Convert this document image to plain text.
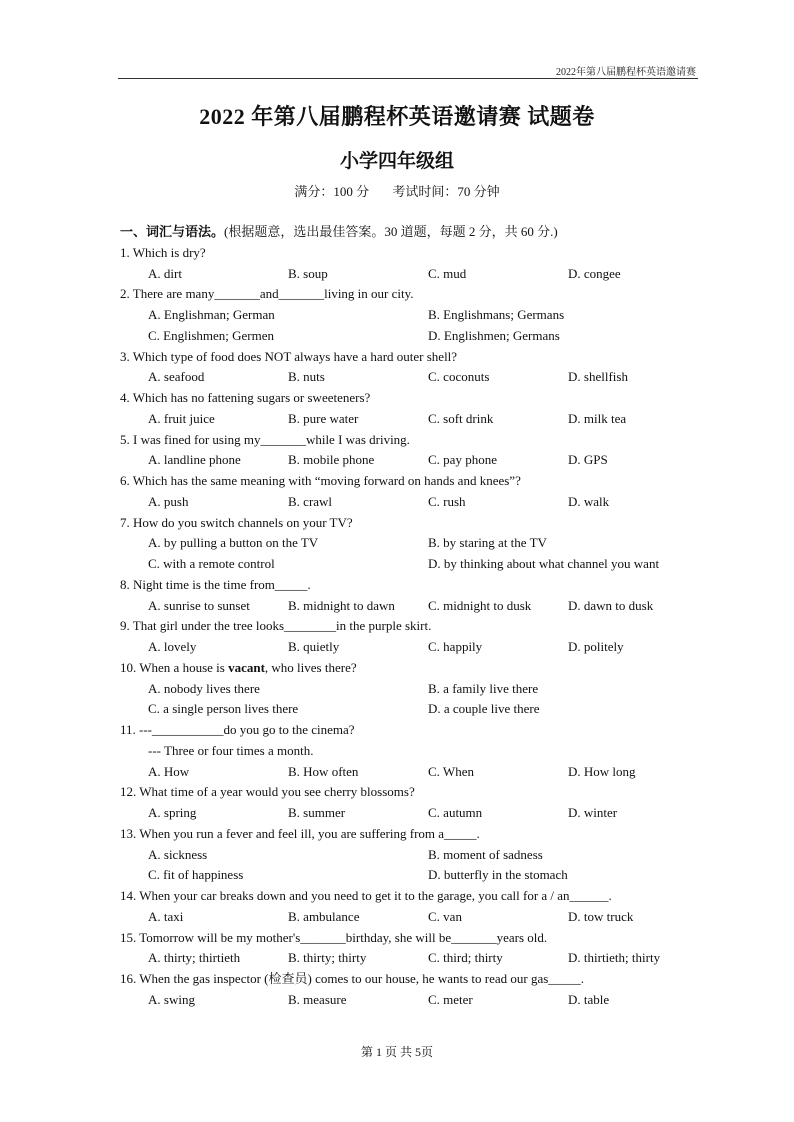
2022年第八届鹏程杯英语邀请赛
2022 年第八届鹏程杯英语邀请赛 试题卷
小学四年级组
满分：100 分 考试时间：70 分钟
一、词汇与语法。(根据题意，选出最佳答案。30 道题，每题 2 分，共 60 分.)
1. Which is dry?
A. dirt	B. soup	C. mud	D. congee
2. There are many_______and_______living in our city.
A. Englishman; German	B. Englishmans; Germans
C. Englishmen; Germen	D. Englishmen; Germans
3. Which type of food does NOT always have a hard outer shell?
A. seafood	B. nuts	C. coconuts	D. shellfish
4. Which has no fattening sugars or sweeteners?
A. fruit juice	B. pure water	C. soft drink	D. milk tea
5. I was fined for using my_______while I was driving.
A. landline phone	B. mobile phone	C. pay phone	D. GPS
6. Which has the same meaning with “moving forward on hands and knees”?
A. push	B. crawl	C. rush	D. walk
7. How do you switch channels on your TV?
A. by pulling a button on the TV	B. by staring at the TV
C. with a remote control	D. by thinking about what channel you want
8. Night time is the time from_____.
A. sunrise to sunset	B. midnight to dawn	C. midnight to dusk	D. dawn to dusk
9. That girl under the tree looks________in the purple skirt.
A. lovely	B. quietly	C. happily	D. politely
10. When a house is vacant, who lives there?
A. nobody lives there	B. a family live there
C. a single person lives there	D. a couple live there
11. ---___________do you go to the cinema?
--- Three or four times a month.
A. How	B. How often	C. When	D. How long
12. What time of a year would you see cherry blossoms?
A. spring	B. summer	C. autumn	D. winter
13. When you run a fever and feel ill, you are suffering from a_____.
A. sickness	B. moment of sadness
C. fit of happiness	D. butterfly in the stomach
14. When your car breaks down and you need to get it to the garage, you call for a / an______.
A. taxi	B. ambulance	C. van	D. tow truck
15. Tomorrow will be my mother's_______birthday, she will be_______years old.
A. thirty; thirtieth	B. thirty; thirty	C. third; thirty	D. thirtieth; thirty
16. When the gas inspector (检查员) comes to our house, he wants to read our gas_____.
A. swing	B. measure	C. meter	D. table
第 1 页 共 5页
